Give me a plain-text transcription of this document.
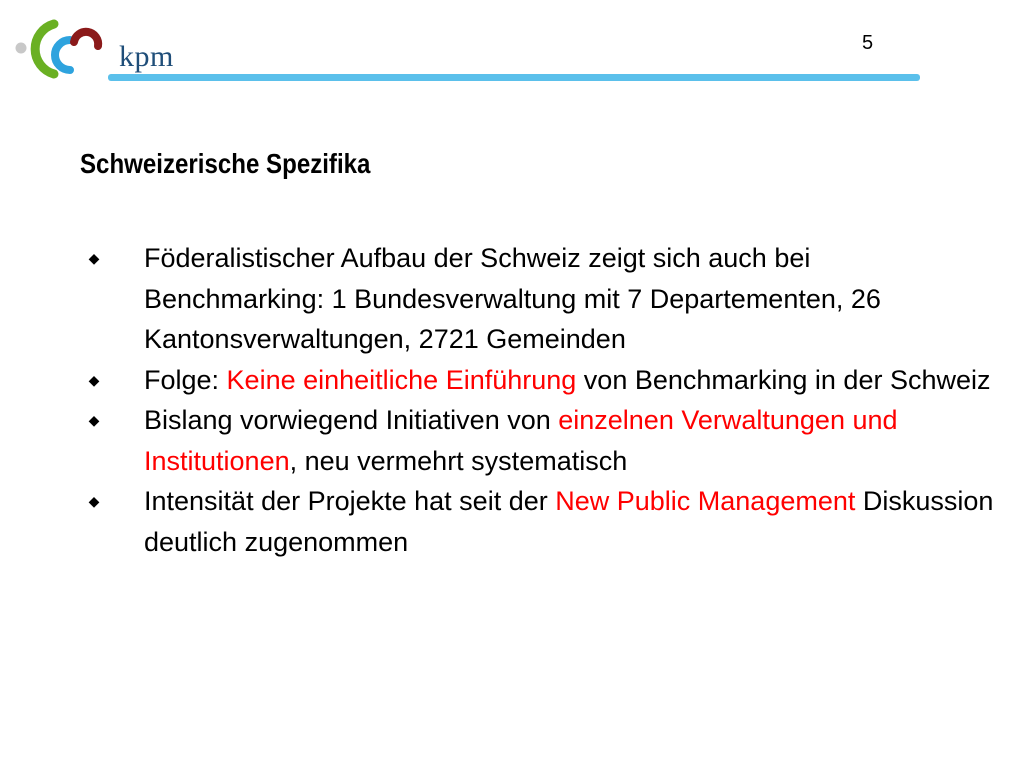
kpm	5
Schweizerische Spezifika
◆ Föderalistischer Aufbau der Schweiz zeigt sich auch bei Benchmarking: 1 Bundesverwaltung mit 7 Departementen, 26 Kantonsverwaltungen, 2721 Gemeinden
◆ Folge: Keine einheitliche Einführung von Benchmarking in der Schweiz
◆ Bislang vorwiegend Initiativen von einzelnen Verwaltungen und Institutionen, neu vermehrt systematisch
◆ Intensität der Projekte hat seit der New Public Management Diskussion deutlich zugenommen
